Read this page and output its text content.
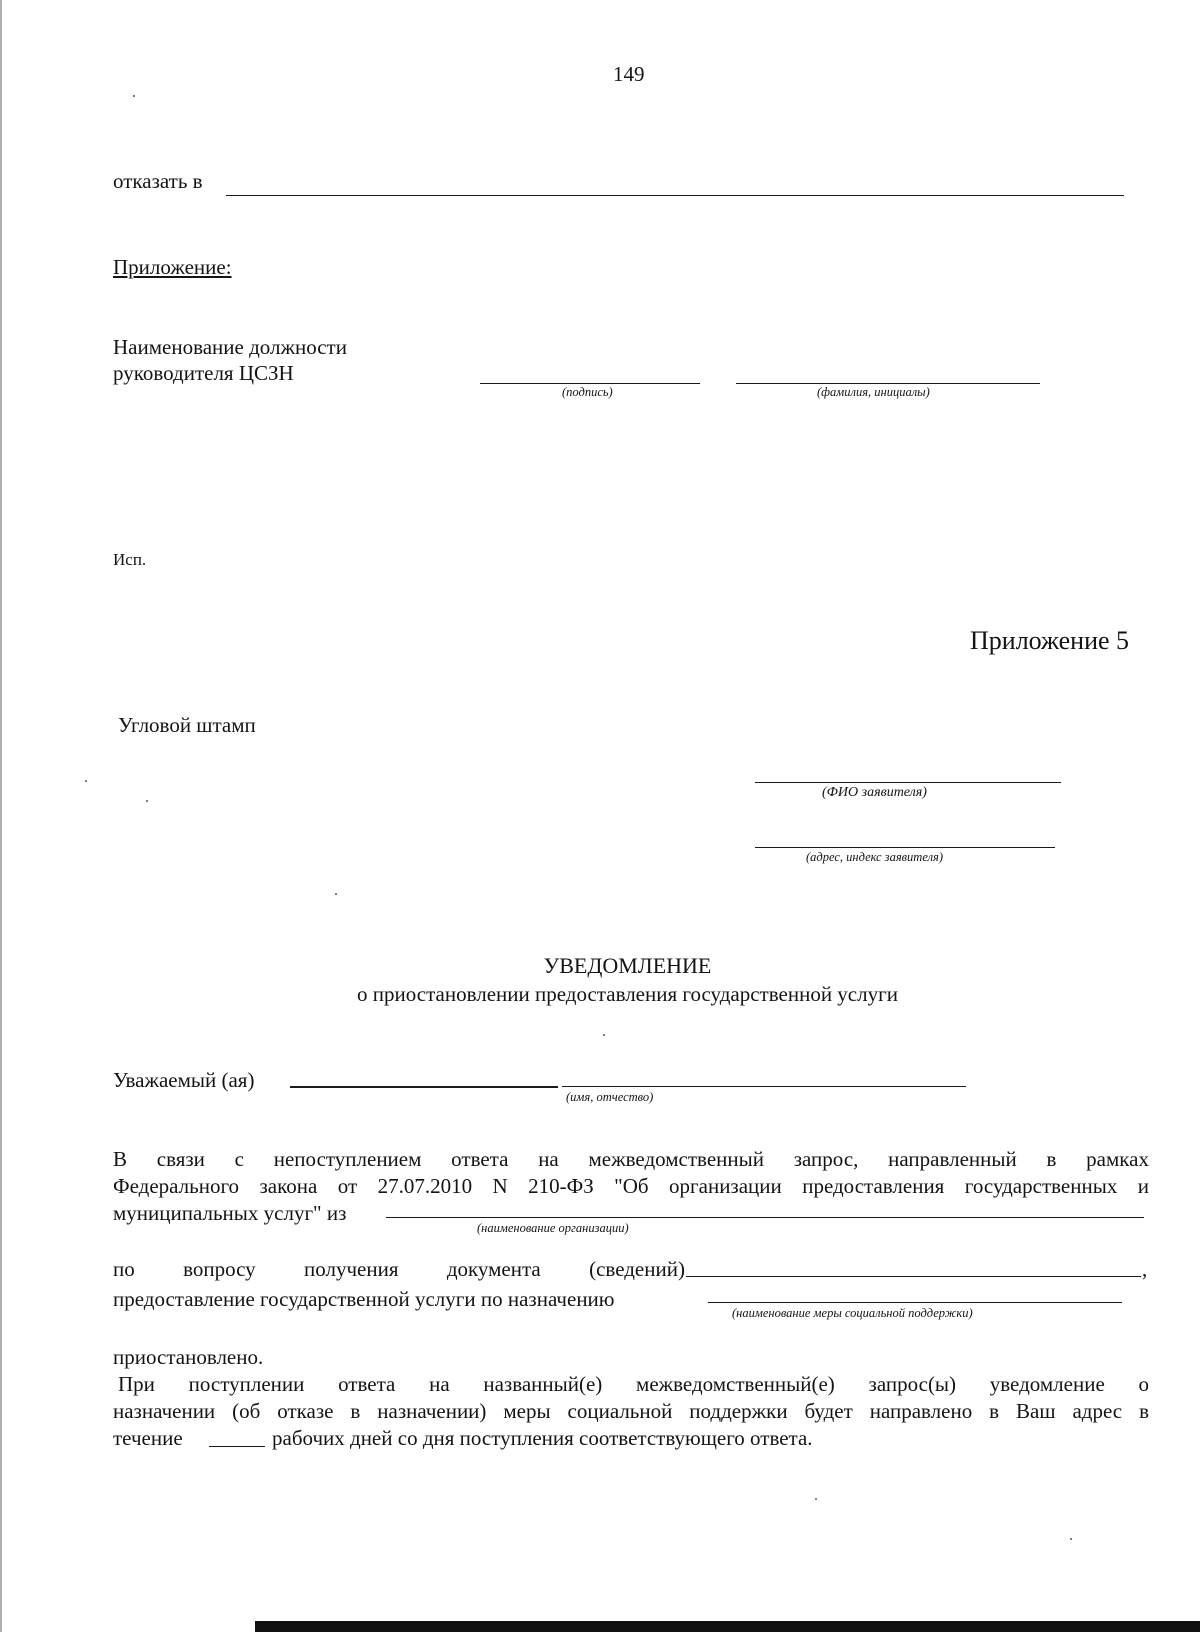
149
отказать в
Приложение:
Наименование должности
руководителя ЦСЗН
(подпись)	(фамилия, инициалы)
Исп.
Приложение 5
Угловой штамп
(ФИО заявителя)
(адрес, индекс заявителя)
УВЕДОМЛЕНИЕ
о приостановлении предоставления государственной услуги
Уважаемый (ая)
(имя, отчество)
В связи с непоступлением ответа на межведомственный запрос, направленный в рамках
Федерального закона от 27.07.2010 N 210-ФЗ "Об организации предоставления государственных и
муниципальных услуг" из
(наименование организации)
по вопросу получения документа (сведений)	,
предоставление государственной услуги по назначению
(наименование меры социальной поддержки)
приостановлено.
При поступлении ответа на названный(е) межведомственный(е) запрос(ы) уведомление о
назначении (об отказе в назначении) меры социальной поддержки будет направлено в Ваш адрес в
течение	рабочих дней со дня поступления соответствующего ответа.
